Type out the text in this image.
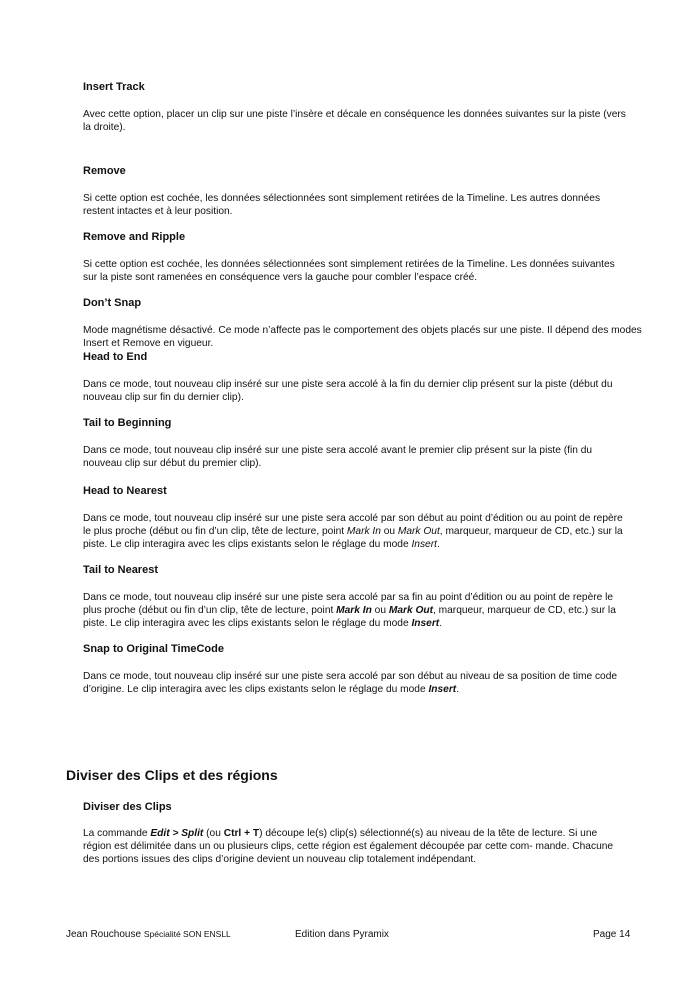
Insert Track
Avec cette option, placer un clip sur une piste l’insère et décale en conséquence les données suivantes sur la piste (vers la droite).
Remove
Si cette option est cochée, les données sélectionnées sont simplement retirées de la Timeline. Les autres données restent intactes et à leur position.
Remove and Ripple
Si cette option est cochée, les données sélectionnées sont simplement retirées de la Timeline. Les données suivantes sur la piste sont ramenées en conséquence vers la gauche pour combler l’espace créé.
Don’t Snap
Mode magnétisme désactivé. Ce mode n’affecte pas le comportement des objets placés sur une piste. Il dépend des modes Insert et Remove en vigueur.
Head to End
Dans ce mode, tout nouveau clip inséré sur une piste sera accolé à la fin du dernier clip présent sur la piste (début du nouveau clip sur fin du dernier clip).
Tail to Beginning
Dans ce mode, tout nouveau clip inséré sur une piste sera accolé avant le premier clip présent sur la piste (fin du nouveau clip sur début du premier clip).
Head to Nearest
Dans ce mode, tout nouveau clip inséré sur une piste sera accolé par son début au point d’édition ou au point de repère le plus proche (début ou fin d’un clip, tête de lecture, point Mark In ou Mark Out, marqueur, marqueur de CD, etc.) sur la piste. Le clip interagira avec les clips existants selon le réglage du mode Insert.
Tail to Nearest
Dans ce mode, tout nouveau clip inséré sur une piste sera accolé par sa fin au point d’édition ou au point de repère le plus proche (début ou fin d’un clip, tête de lecture, point Mark In ou Mark Out, marqueur, marqueur de CD, etc.) sur la piste. Le clip interagira avec les clips existants selon le réglage du mode Insert.
Snap to Original TimeCode
Dans ce mode, tout nouveau clip inséré sur une piste sera accolé par son début au niveau de sa position de time code d’origine. Le clip interagira avec les clips existants selon le réglage du mode Insert.
Diviser des Clips et des régions
Diviser des Clips
La commande Edit > Split (ou Ctrl + T) découpe le(s) clip(s) sélectionné(s) au niveau de la tête de lecture. Si une région est délimitée dans un ou plusieurs clips, cette région est également découpée par cette com- mande. Chacune des portions issues des clips d’origine devient un nouveau clip totalement indépendant.
Jean Rouchouse Spécialité SON ENSLL	Edition dans Pyramix	Page 14
